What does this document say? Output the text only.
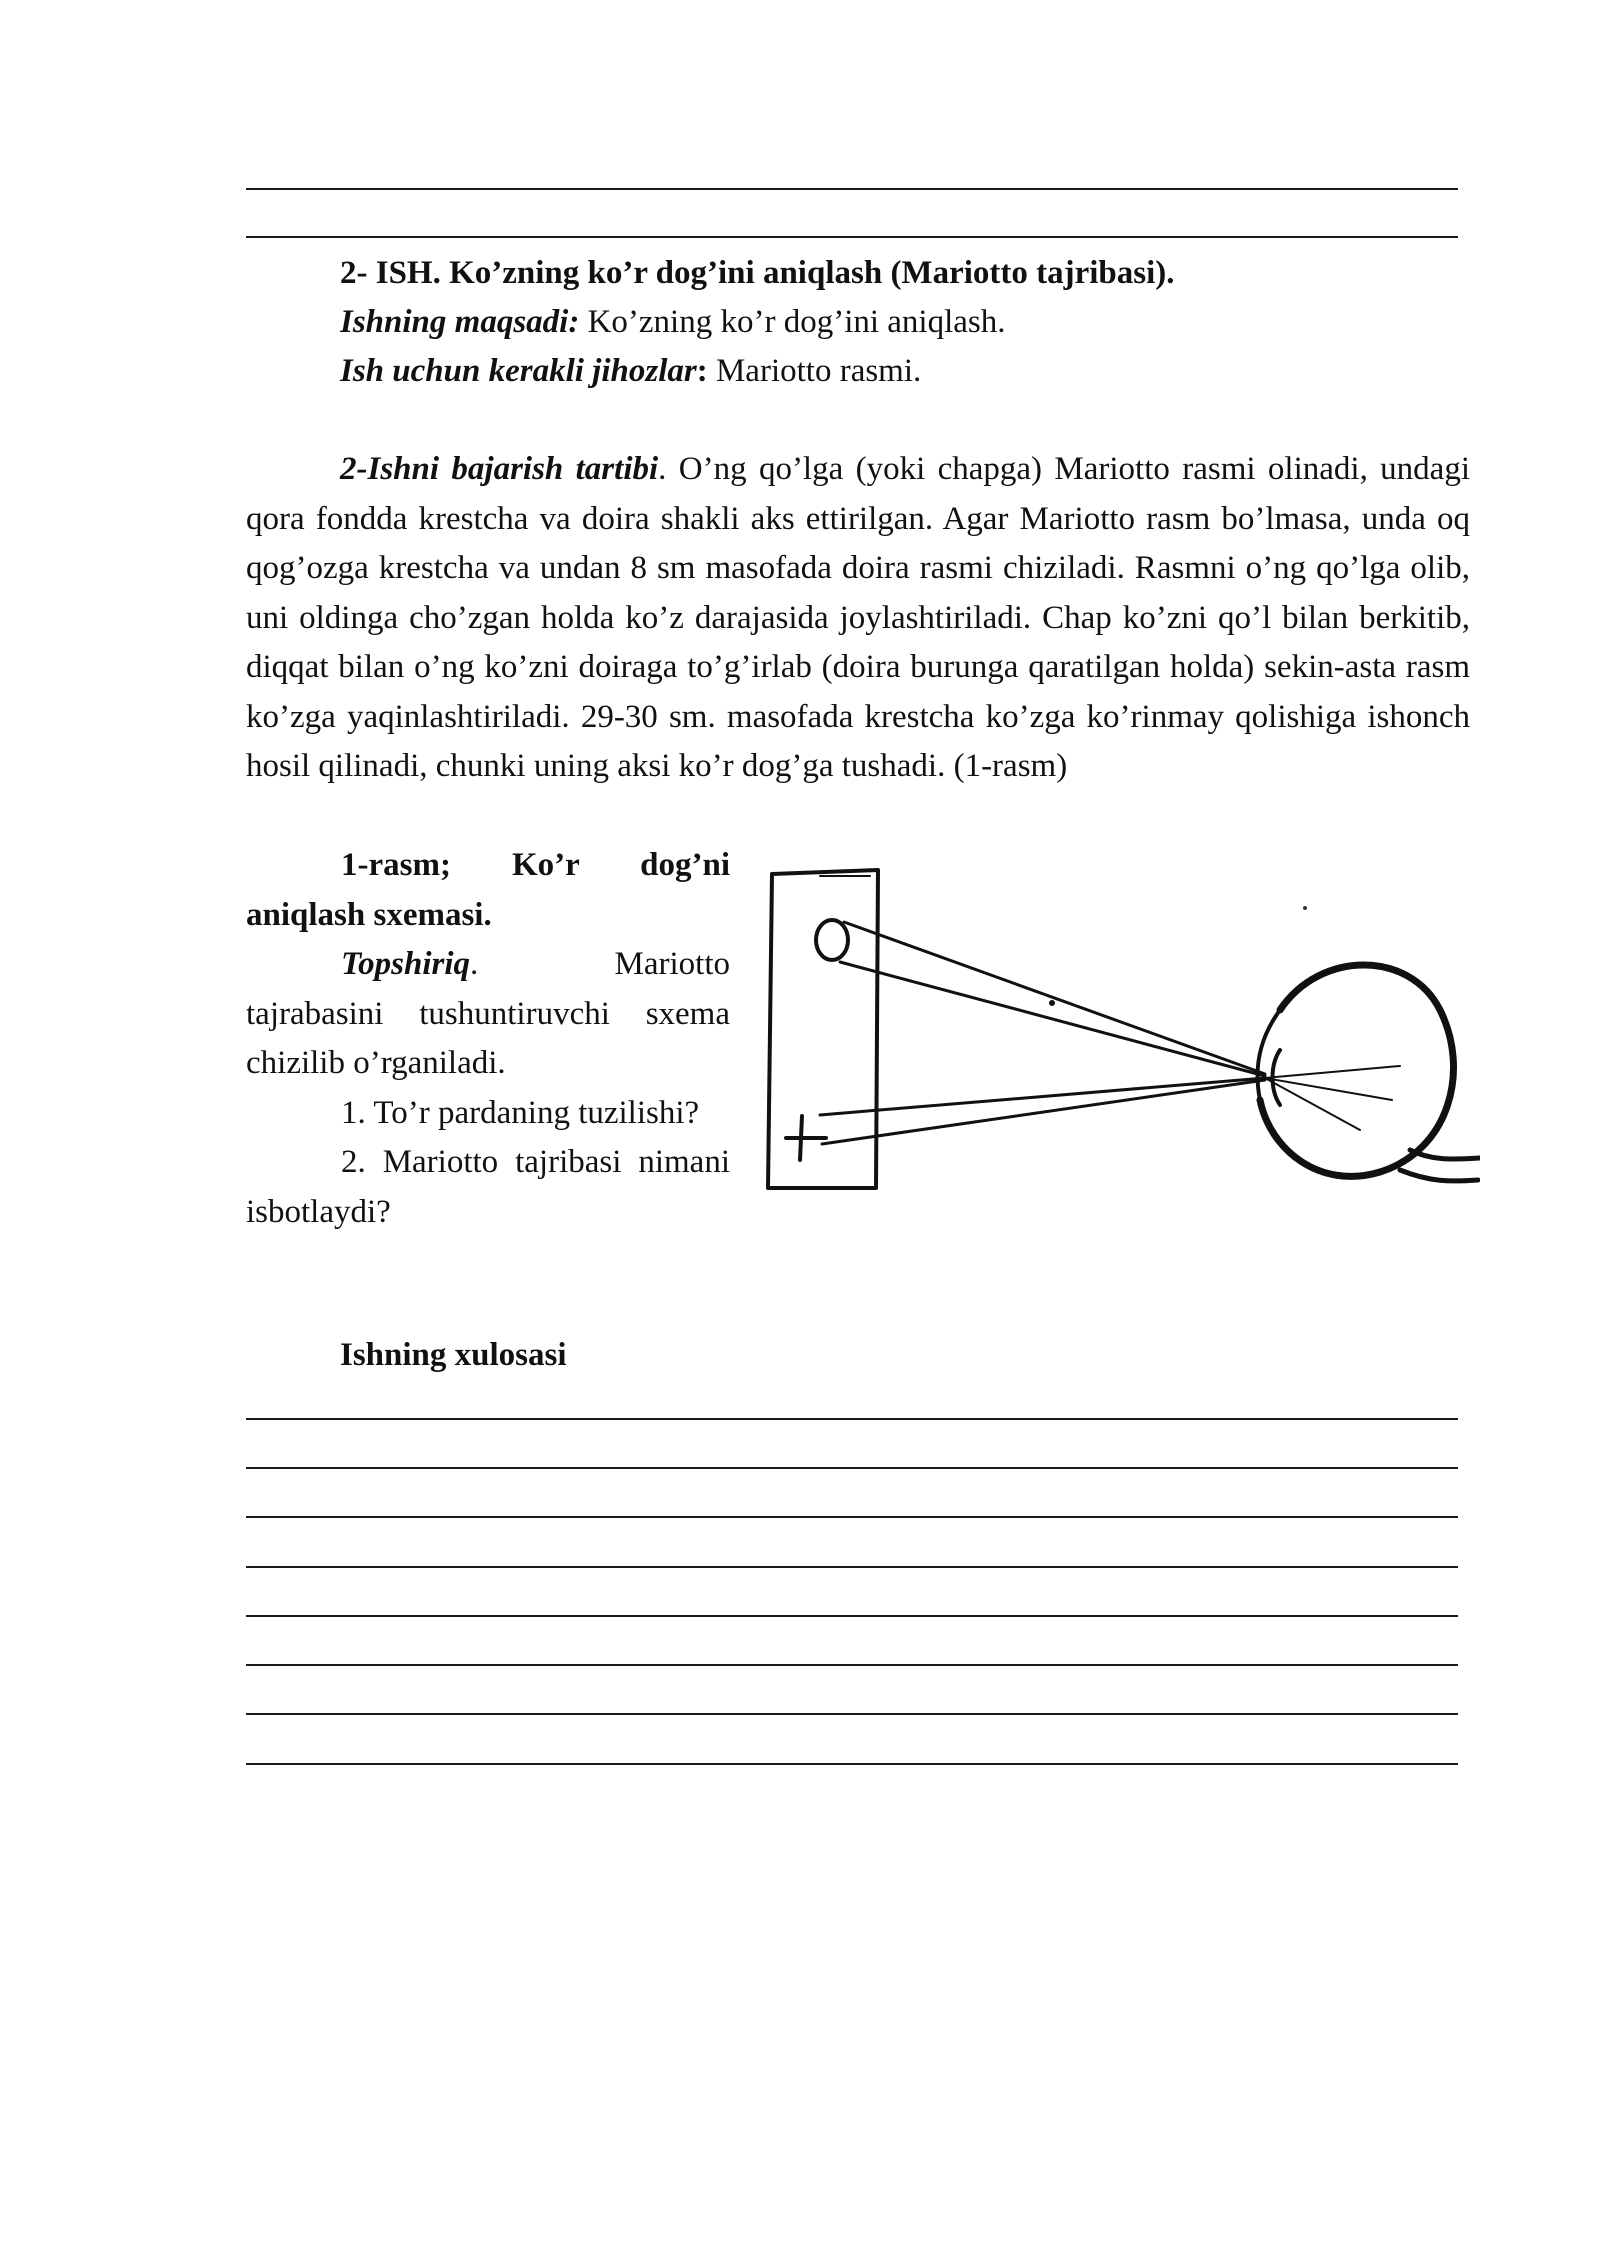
2- ISH. Ko’zning ko’r dog’ini aniqlash (Mariotto tajribasi).
Ishning maqsadi: Ko’zning ko’r dog’ini aniqlash.
Ish uchun kerakli jihozlar: Mariotto rasmi.
2-Ishni bajarish tartibi. O’ng qo’lga (yoki chapga) Mariotto rasmi olinadi, undagi qora fondda krestcha va doira shakli aks ettirilgan. Agar Mariotto rasm bo’lmasa, unda oq qog’ozga krestcha va undan 8 sm masofada doira rasmi chiziladi. Rasmni o’ng qo’lga olib, uni oldinga cho’zgan holda ko’z darajasida joylashtiriladi. Chap ko’zni qo’l bilan berkitib, diqqat bilan o’ng ko’zni doiraga to’g’irlab (doira burunga qaratilgan holda) sekin-asta rasm ko’zga yaqinlashtiriladi. 29-30 sm. masofada krestcha ko’zga ko’rinmay qolishiga ishonch hosil qilinadi, chunki uning aksi ko’r dog’ga tushadi. (1-rasm)

1-rasm; Ko’r dog’ni

aniqlash sxemasi.

Topshiriq. Mariotto tajrabasini tushuntiruvchi sxema chizilib o’rganiladi.

1. To’r pardaning tuzilishi?

2. Mariotto tajribasi nimani isbotlaydi?

Ishning xulosasi
